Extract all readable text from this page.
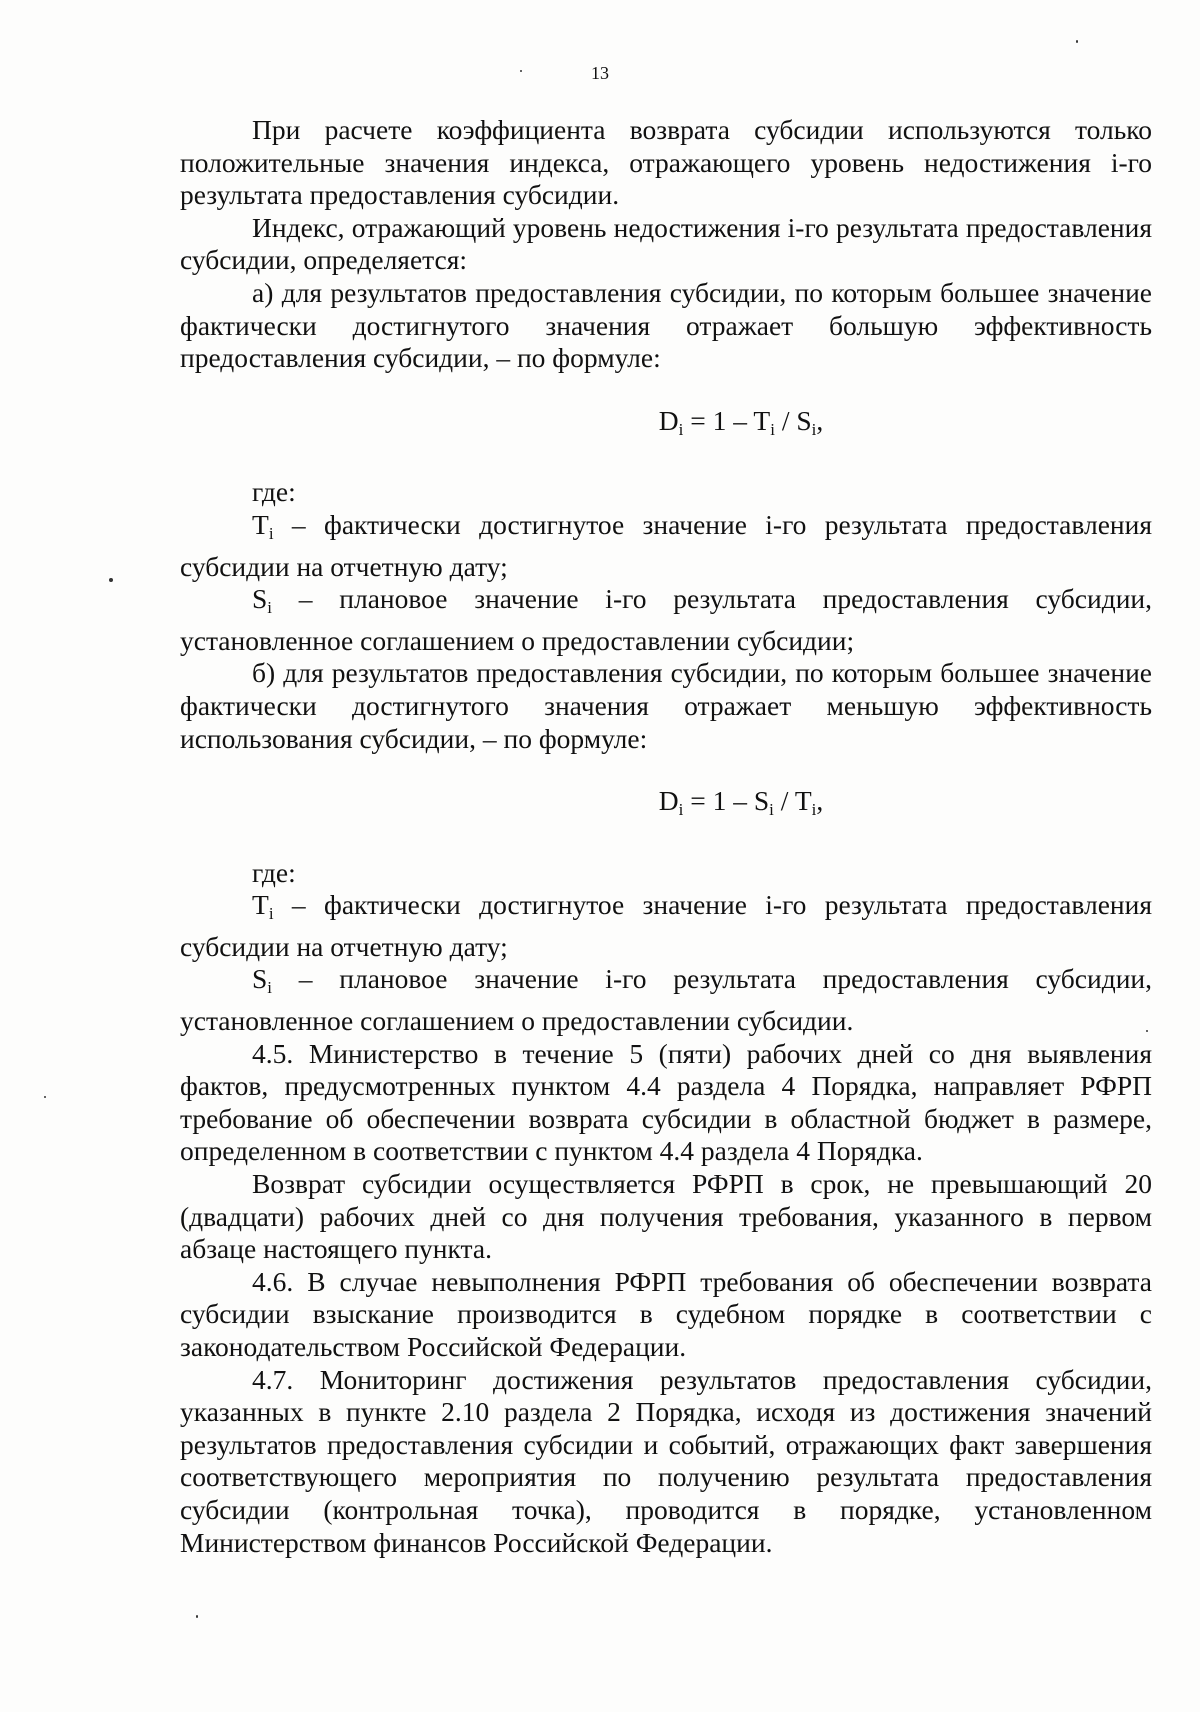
13

При расчете коэффициента возврата субсидии используются только положительные значения индекса, отражающего уровень недостижения i-го результата предоставления субсидии.

Индекс, отражающий уровень недостижения i-го результата предоставления субсидии, определяется:

а) для результатов предоставления субсидии, по которым большее значение фактически достигнутого значения отражает большую эффективность предоставления субсидии, – по формуле:

$D_i = 1 - T_i / S_i$,

где:

$T_i$ – фактически достигнутое значение i-го результата предоставления субсидии на отчетную дату;

$S_i$ – плановое значение i-го результата предоставления субсидии, установленное соглашением о предоставлении субсидии;

б) для результатов предоставления субсидии, по которым большее значение фактически достигнутого значения отражает меньшую эффективность использования субсидии, – по формуле:

$D_i = 1 - S_i / T_i$,

где:

$T_i$ – фактически достигнутое значение i-го результата предоставления субсидии на отчетную дату;

$S_i$ – плановое значение i-го результата предоставления субсидии, установленное соглашением о предоставлении субсидии.

4.5. Министерство в течение 5 (пяти) рабочих дней со дня выявления фактов, предусмотренных пунктом 4.4 раздела 4 Порядка, направляет РФРП требование об обеспечении возврата субсидии в областной бюджет в размере, определенном в соответствии с пунктом 4.4 раздела 4 Порядка.

Возврат субсидии осуществляется РФРП в срок, не превышающий 20 (двадцати) рабочих дней со дня получения требования, указанного в первом абзаце настоящего пункта.

4.6. В случае невыполнения РФРП требования об обеспечении возврата субсидии взыскание производится в судебном порядке в соответствии с законодательством Российской Федерации.

4.7. Мониторинг достижения результатов предоставления субсидии, указанных в пункте 2.10 раздела 2 Порядка, исходя из достижения значений результатов предоставления субсидии и событий, отражающих факт завершения соответствующего мероприятия по получению результата предоставления субсидии (контрольная точка), проводится в порядке, установленном Министерством финансов Российской Федерации.
